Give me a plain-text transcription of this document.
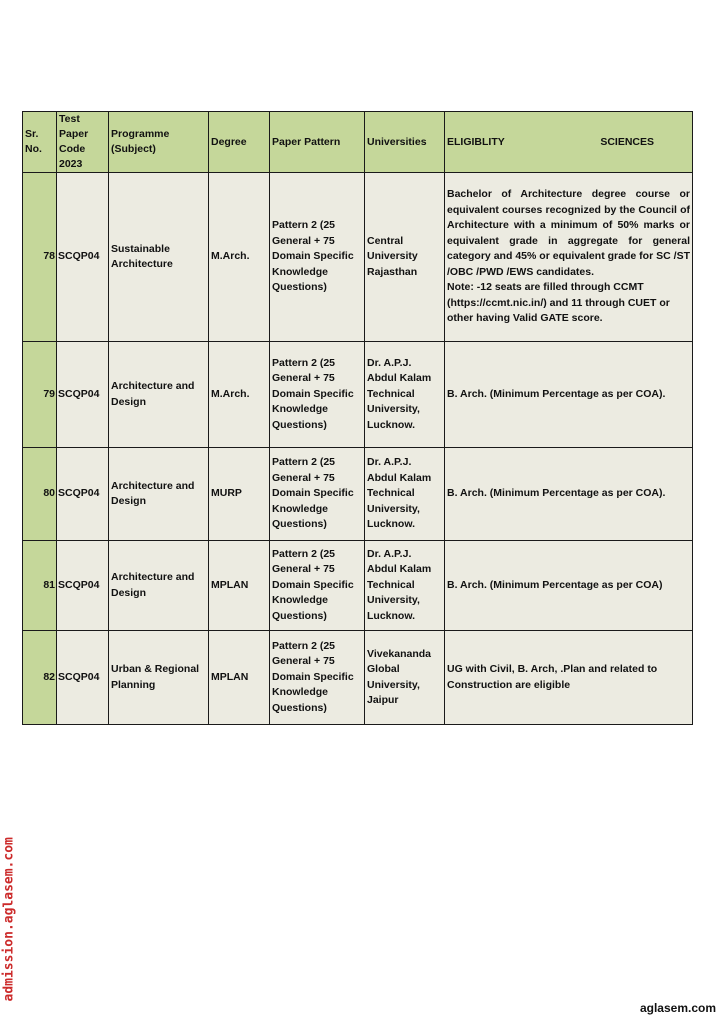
Sr. No.	Test Paper Code 2023	Programme (Subject)	Degree	Paper Pattern	Universities	ELIGIBLITY SCIENCES

78	SCQP04	Sustainable Architecture	M.Arch.	Pattern 2 (25 General + 75 Domain Specific Knowledge Questions)	Central University Rajasthan	Bachelor of Architecture degree course or equivalent courses recognized by the Council of Architecture with a minimum of 50% marks or equivalent grade in aggregate for general category and 45% or equivalent grade for SC /ST /OBC /PWD /EWS candidates.
Note: -12 seats are filled through CCMT (https://ccmt.nic.in/) and 11 through CUET or other having Valid GATE score.

79	SCQP04	Architecture and Design	M.Arch.	Pattern 2 (25 General + 75 Domain Specific Knowledge Questions)	Dr. A.P.J. Abdul Kalam Technical University, Lucknow.	B. Arch. (Minimum Percentage as per COA).
80	SCQP04	Architecture and Design	MURP	Pattern 2 (25 General + 75 Domain Specific Knowledge Questions)	Dr. A.P.J. Abdul Kalam Technical University, Lucknow.	B. Arch. (Minimum Percentage as per COA).
81	SCQP04	Architecture and Design	MPLAN	Pattern 2 (25 General + 75 Domain Specific Knowledge Questions)	Dr. A.P.J. Abdul Kalam Technical University, Lucknow.	B. Arch. (Minimum Percentage as per COA)
82	SCQP04	Urban & Regional Planning	MPLAN	Pattern 2 (25 General + 75 Domain Specific Knowledge Questions)	Vivekananda Global University, Jaipur	UG with Civil, B. Arch, .Plan and related to Construction are eligible
admission.aglasem.com
aglasem.com
